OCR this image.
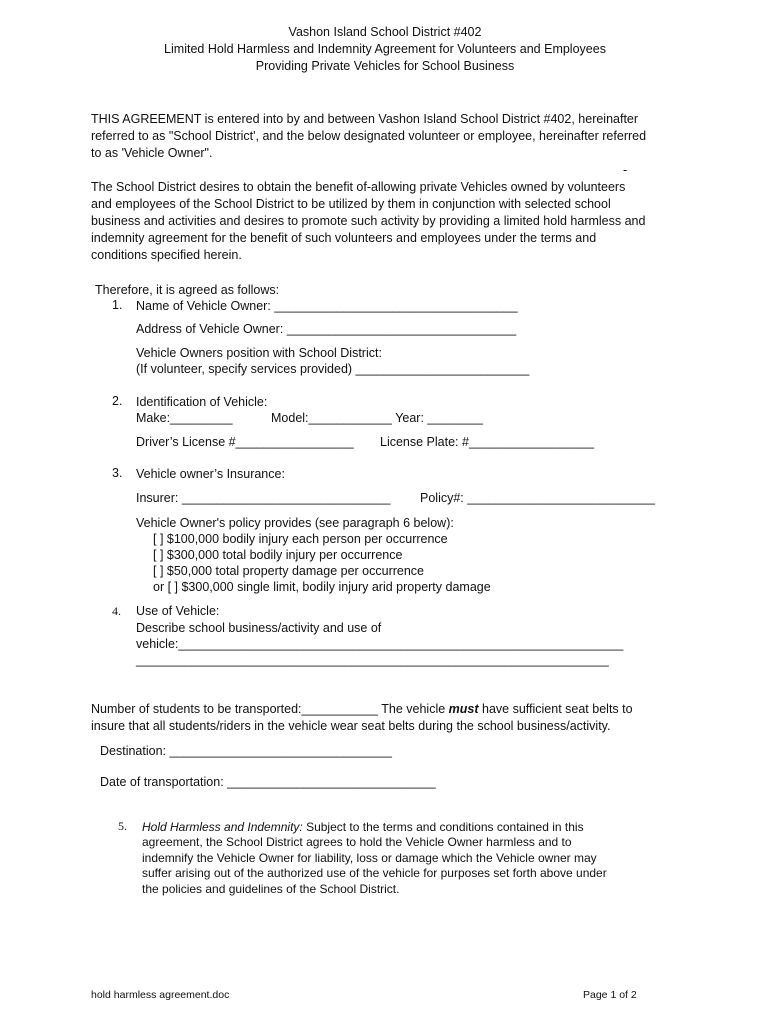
Vashon Island School District #402
Limited Hold Harmless and Indemnity Agreement for Volunteers and Employees
Providing Private Vehicles for School Business
THIS AGREEMENT is entered into by and between Vashon Island School District #402, hereinafter
referred to as "School District', and the below designated volunteer or employee, hereinafter referred
to as 'Vehicle Owner".
-
The School District desires to obtain the benefit of-allowing private Vehicles owned by volunteers
and employees of the School District to be utilized by them in conjunction with selected school
business and activities and desires to promote such activity by providing a limited hold harmless and
indemnity agreement for the benefit of such volunteers and employees under the terms and
conditions specified herein.
Therefore, it is agreed as follows:
1. Name of Vehicle Owner: ___________________________________
Address of Vehicle Owner: _________________________________
Vehicle Owners position with School District:
(If volunteer, specify services provided) _________________________
2. Identification of Vehicle:
Make:_________	Model:____________ Year: ________
Driver’s License #_________________ License Plate: #__________________
3. Vehicle owner’s Insurance:
Insurer: ______________________________ Policy#: ___________________________
Vehicle Owner's policy provides (see paragraph 6 below):
[ ] $100,000 bodily injury each person per occurrence
[ ] $300,000 total bodily injury per occurrence
[ ] $50,000 total property damage per occurrence
or [ ] $300,000 single limit, bodily injury arid property damage
4. Use of Vehicle:
Describe school business/activity and use of
vehicle:________________________________________________________________
____________________________________________________________________
Number of students to be transported:___________ The vehicle must have sufficient seat belts to
insure that all students/riders in the vehicle wear seat belts during the school business/activity.
Destination: ________________________________
Date of transportation: ______________________________
5. Hold Harmless and Indemnity: Subject to the terms and conditions contained in this
agreement, the School District agrees to hold the Vehicle Owner harmless and to
indemnify the Vehicle Owner for liability, loss or damage which the Vehicle owner may
suffer arising out of the authorized use of the vehicle for purposes set forth above under
the policies and guidelines of the School District.
hold harmless agreement.doc	Page 1 of 2
